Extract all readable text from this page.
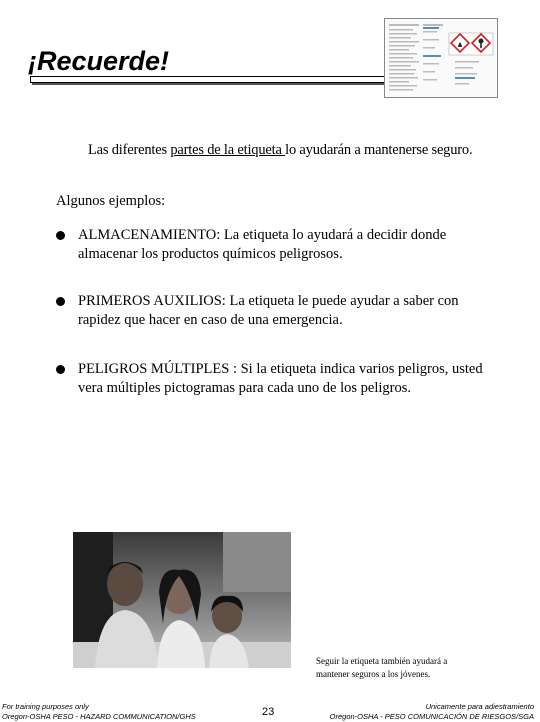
¡Recuerde!
Las diferentes partes de la etiqueta lo ayudarán a mantenerse seguro.
Algunos ejemplos:
ALMACENAMIENTO: La etiqueta lo ayudará a decidir donde
almacenar los productos químicos peligrosos.
PRIMEROS AUXILIOS: La etiqueta le puede ayudar a saber con
rapidez que hacer en caso de una emergencia.
PELIGROS MÚLTIPLES : Si la etiqueta indica varios peligros, usted
vera múltiples pictogramas para cada uno de los peligros.
Seguir la etiqueta también ayudará a
mantener seguros a los jóvenes.
For training purposes only
Oregon-OSHA PESO - HAZARD COMMUNICATION/GHS	23	Unicamente para adiestramiento
Oregon-OSHA - PESO COMUNICACIÓN DE RIESGOS/SGA
